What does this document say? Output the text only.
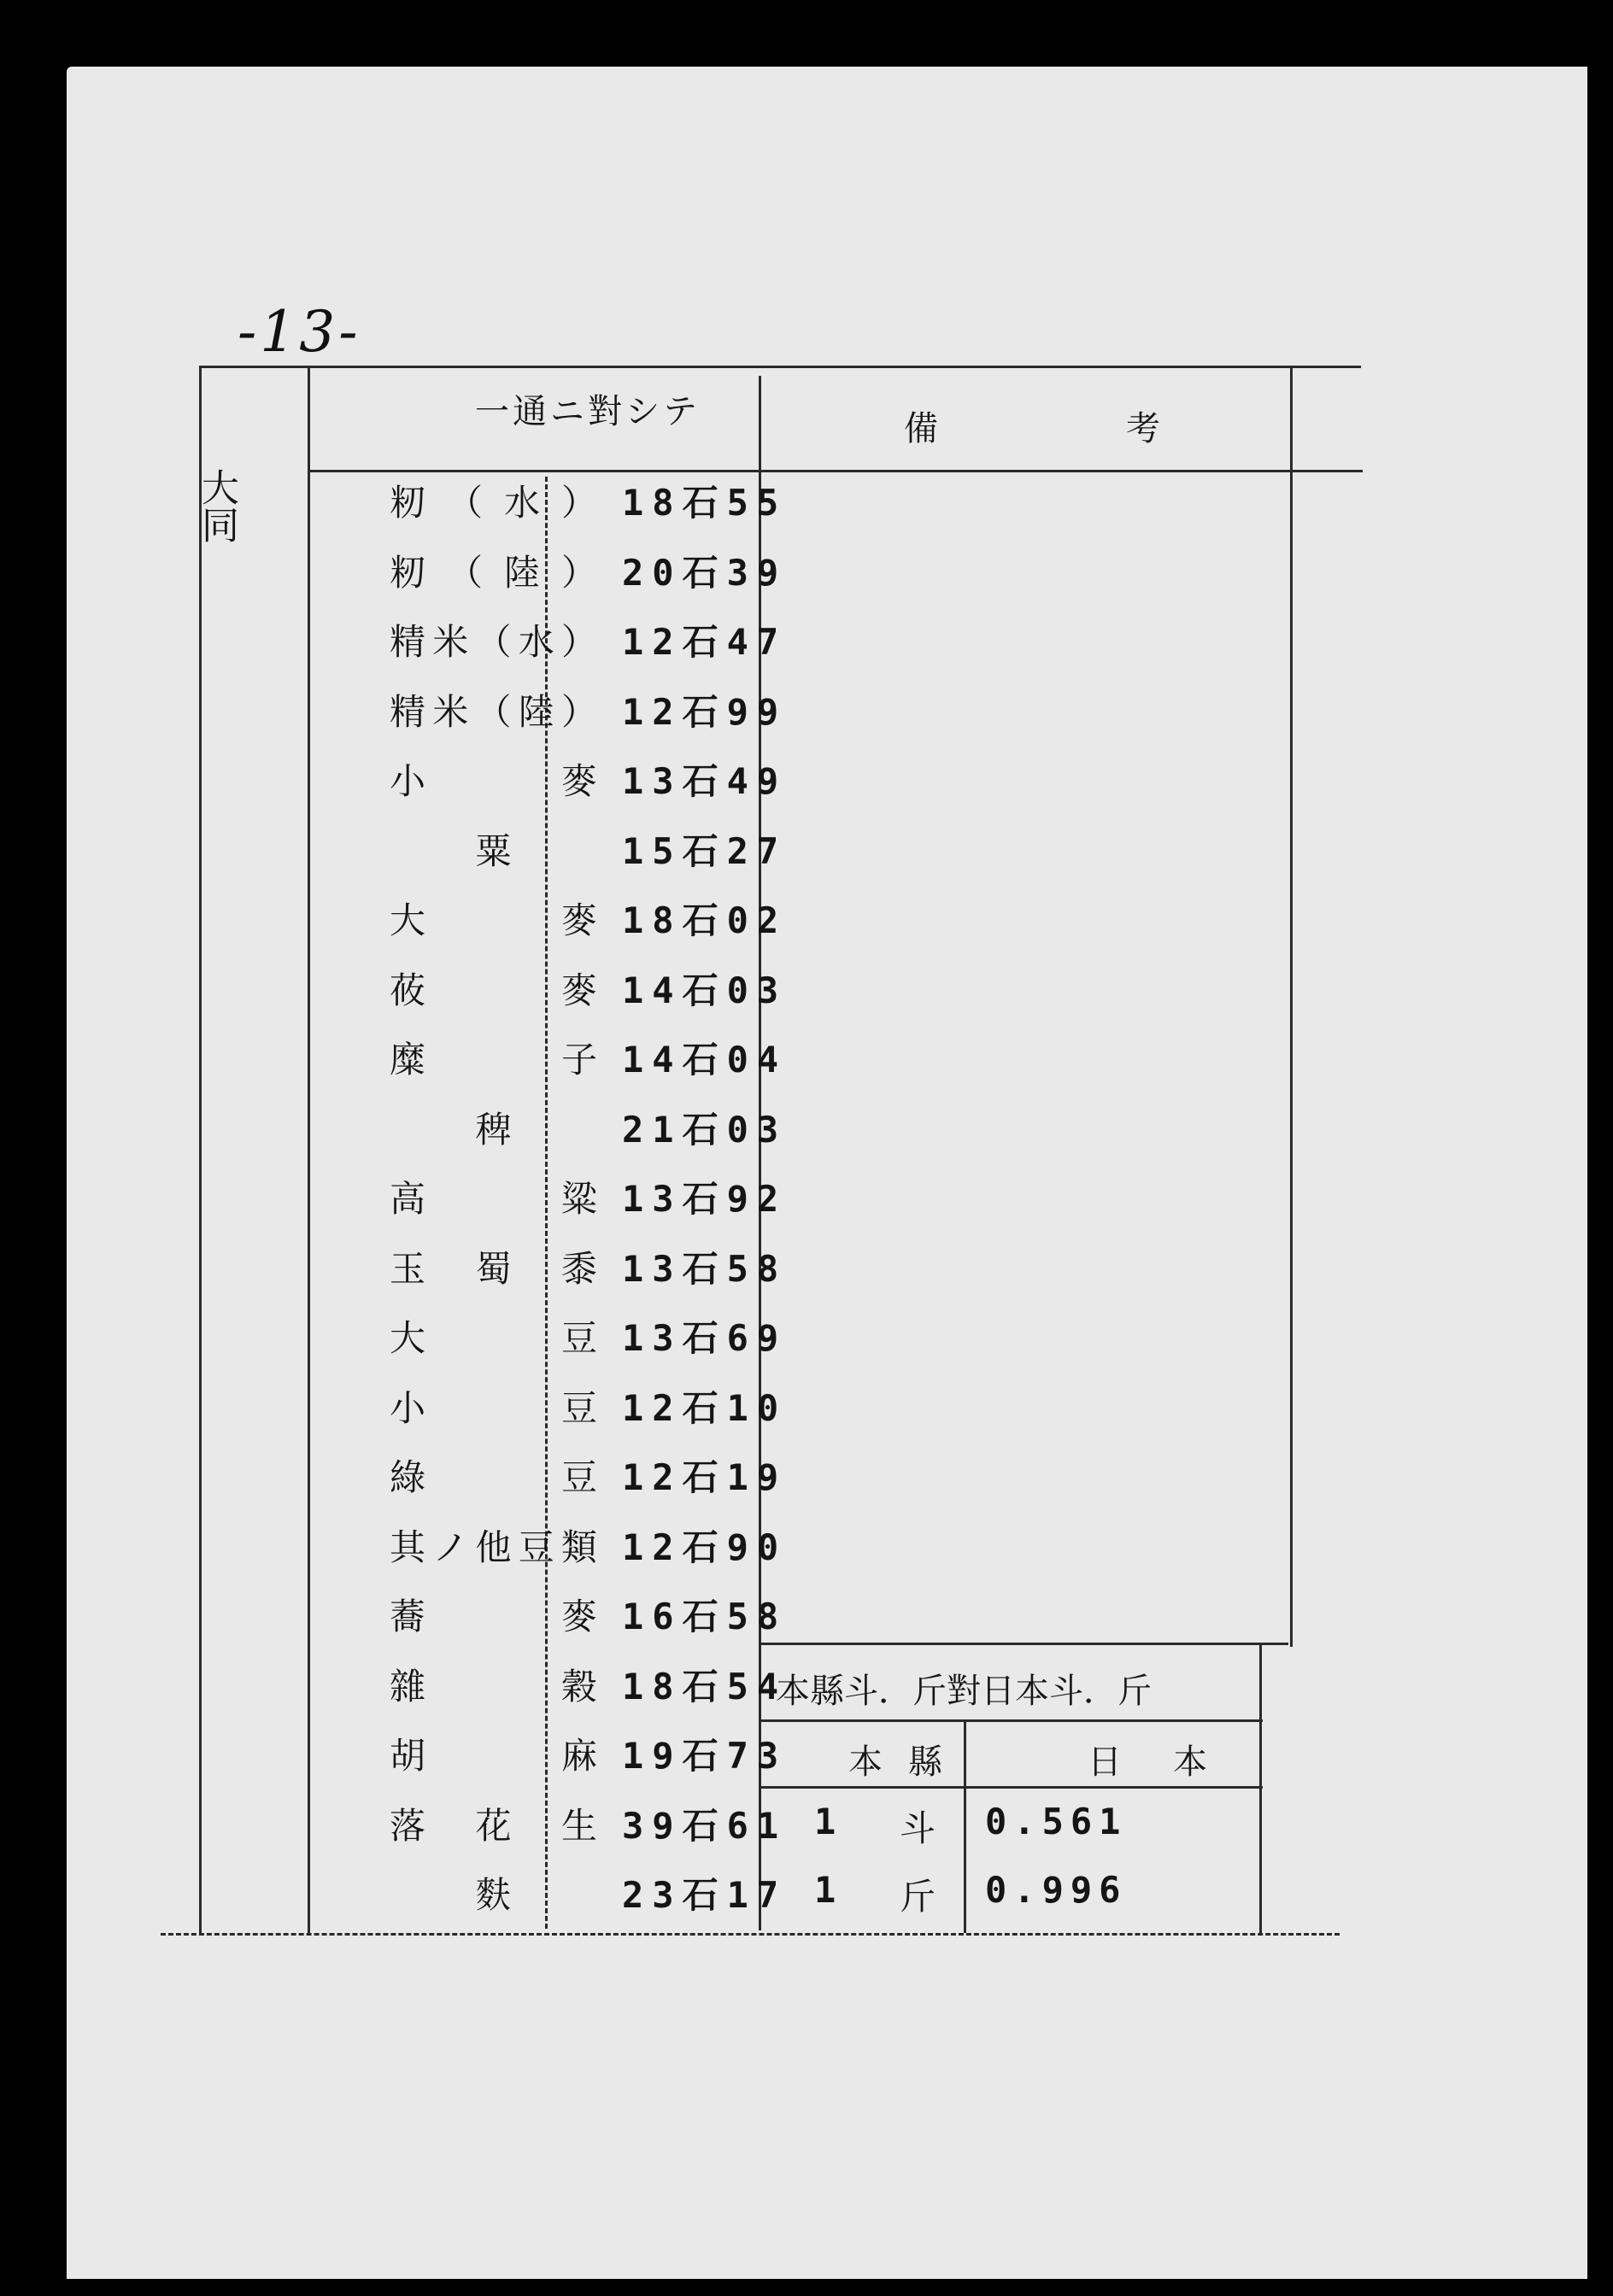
-13-
大同
一通ニ對シテ	備	考
籾（水） 18石55
籾（陸） 20石39
精米（水） 12石47
精米（陸） 12石99
小麥 13石49
粟	15石27
大麥 18石02
莜麥 14石03
糜子 14石04
稗	21石03
高粱 13石92
玉蜀黍 13石58
大豆 13石69
小豆 12石10
綠豆 12石19
其ノ他豆類 12石90
蕎麥 16石58
雜穀 18石54
胡麻 19石73
落花生 39石61
麩	23石17
本縣斗．斤對日本斗．斤
本縣	日本
1 斗 0.561
1 斤 0.996
